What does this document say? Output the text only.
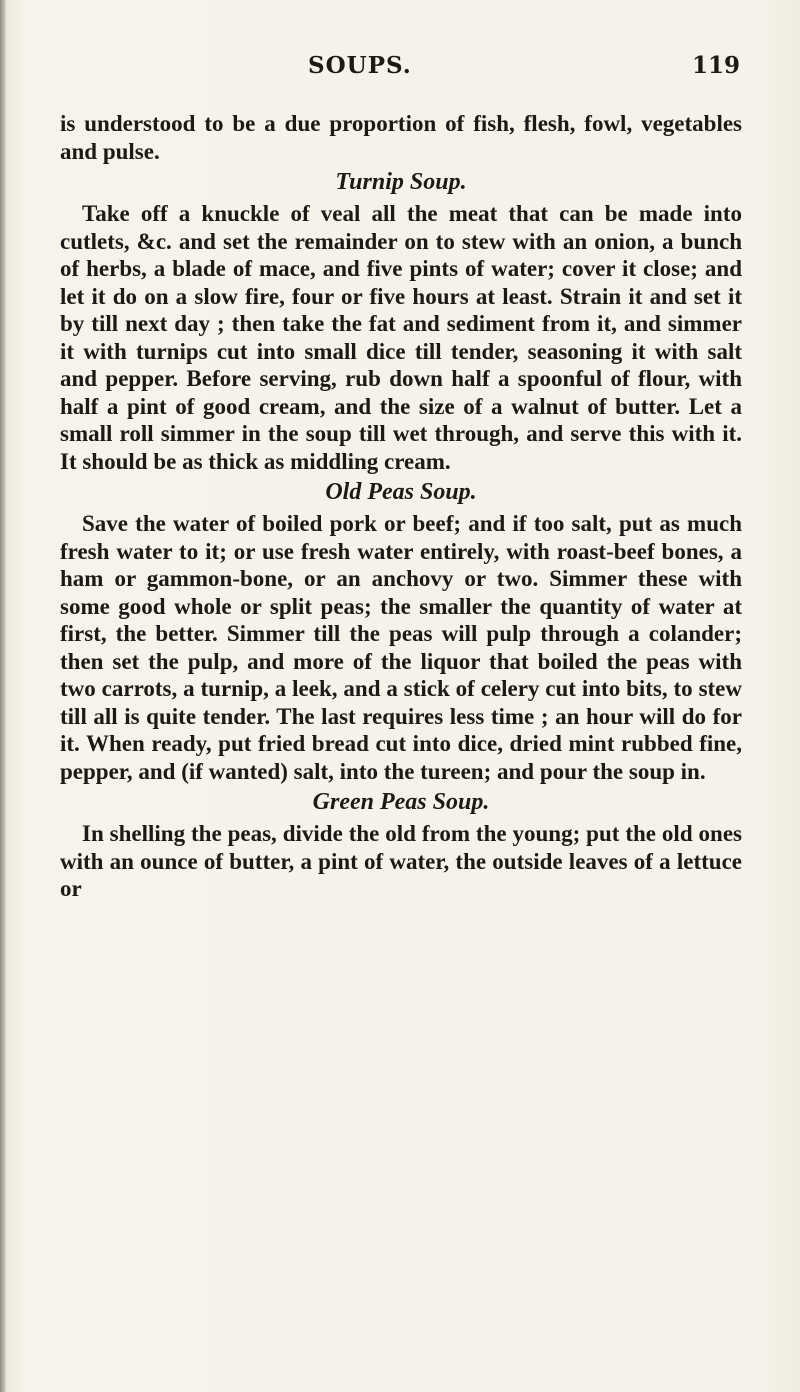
SOUPS.	119

is understood to be a due proportion of fish, flesh, fowl, vegetables and pulse.

Turnip Soup.

Take off a knuckle of veal all the meat that can be made into cutlets, &c. and set the remainder on to stew with an onion, a bunch of herbs, a blade of mace, and five pints of water; cover it close; and let it do on a slow fire, four or five hours at least. Strain it and set it by till next day ; then take the fat and sediment from it, and simmer it with turnips cut into small dice till tender, seasoning it with salt and pepper. Before serving, rub down half a spoonful of flour, with half a pint of good cream, and the size of a walnut of butter. Let a small roll simmer in the soup till wet through, and serve this with it. It should be as thick as middling cream.

Old Peas Soup.

Save the water of boiled pork or beef; and if too salt, put as much fresh water to it; or use fresh water entirely, with roast-beef bones, a ham or gammon-bone, or an anchovy or two. Simmer these with some good whole or split peas; the smaller the quantity of water at first, the better. Simmer till the peas will pulp through a colander; then set the pulp, and more of the liquor that boiled the peas with two carrots, a turnip, a leek, and a stick of celery cut into bits, to stew till all is quite tender. The last requires less time ; an hour will do for it. When ready, put fried bread cut into dice, dried mint rubbed fine, pepper, and (if wanted) salt, into the tureen; and pour the soup in.

Green Peas Soup.

In shelling the peas, divide the old from the young; put the old ones with an ounce of butter, a pint of water, the outside leaves of a lettuce or
